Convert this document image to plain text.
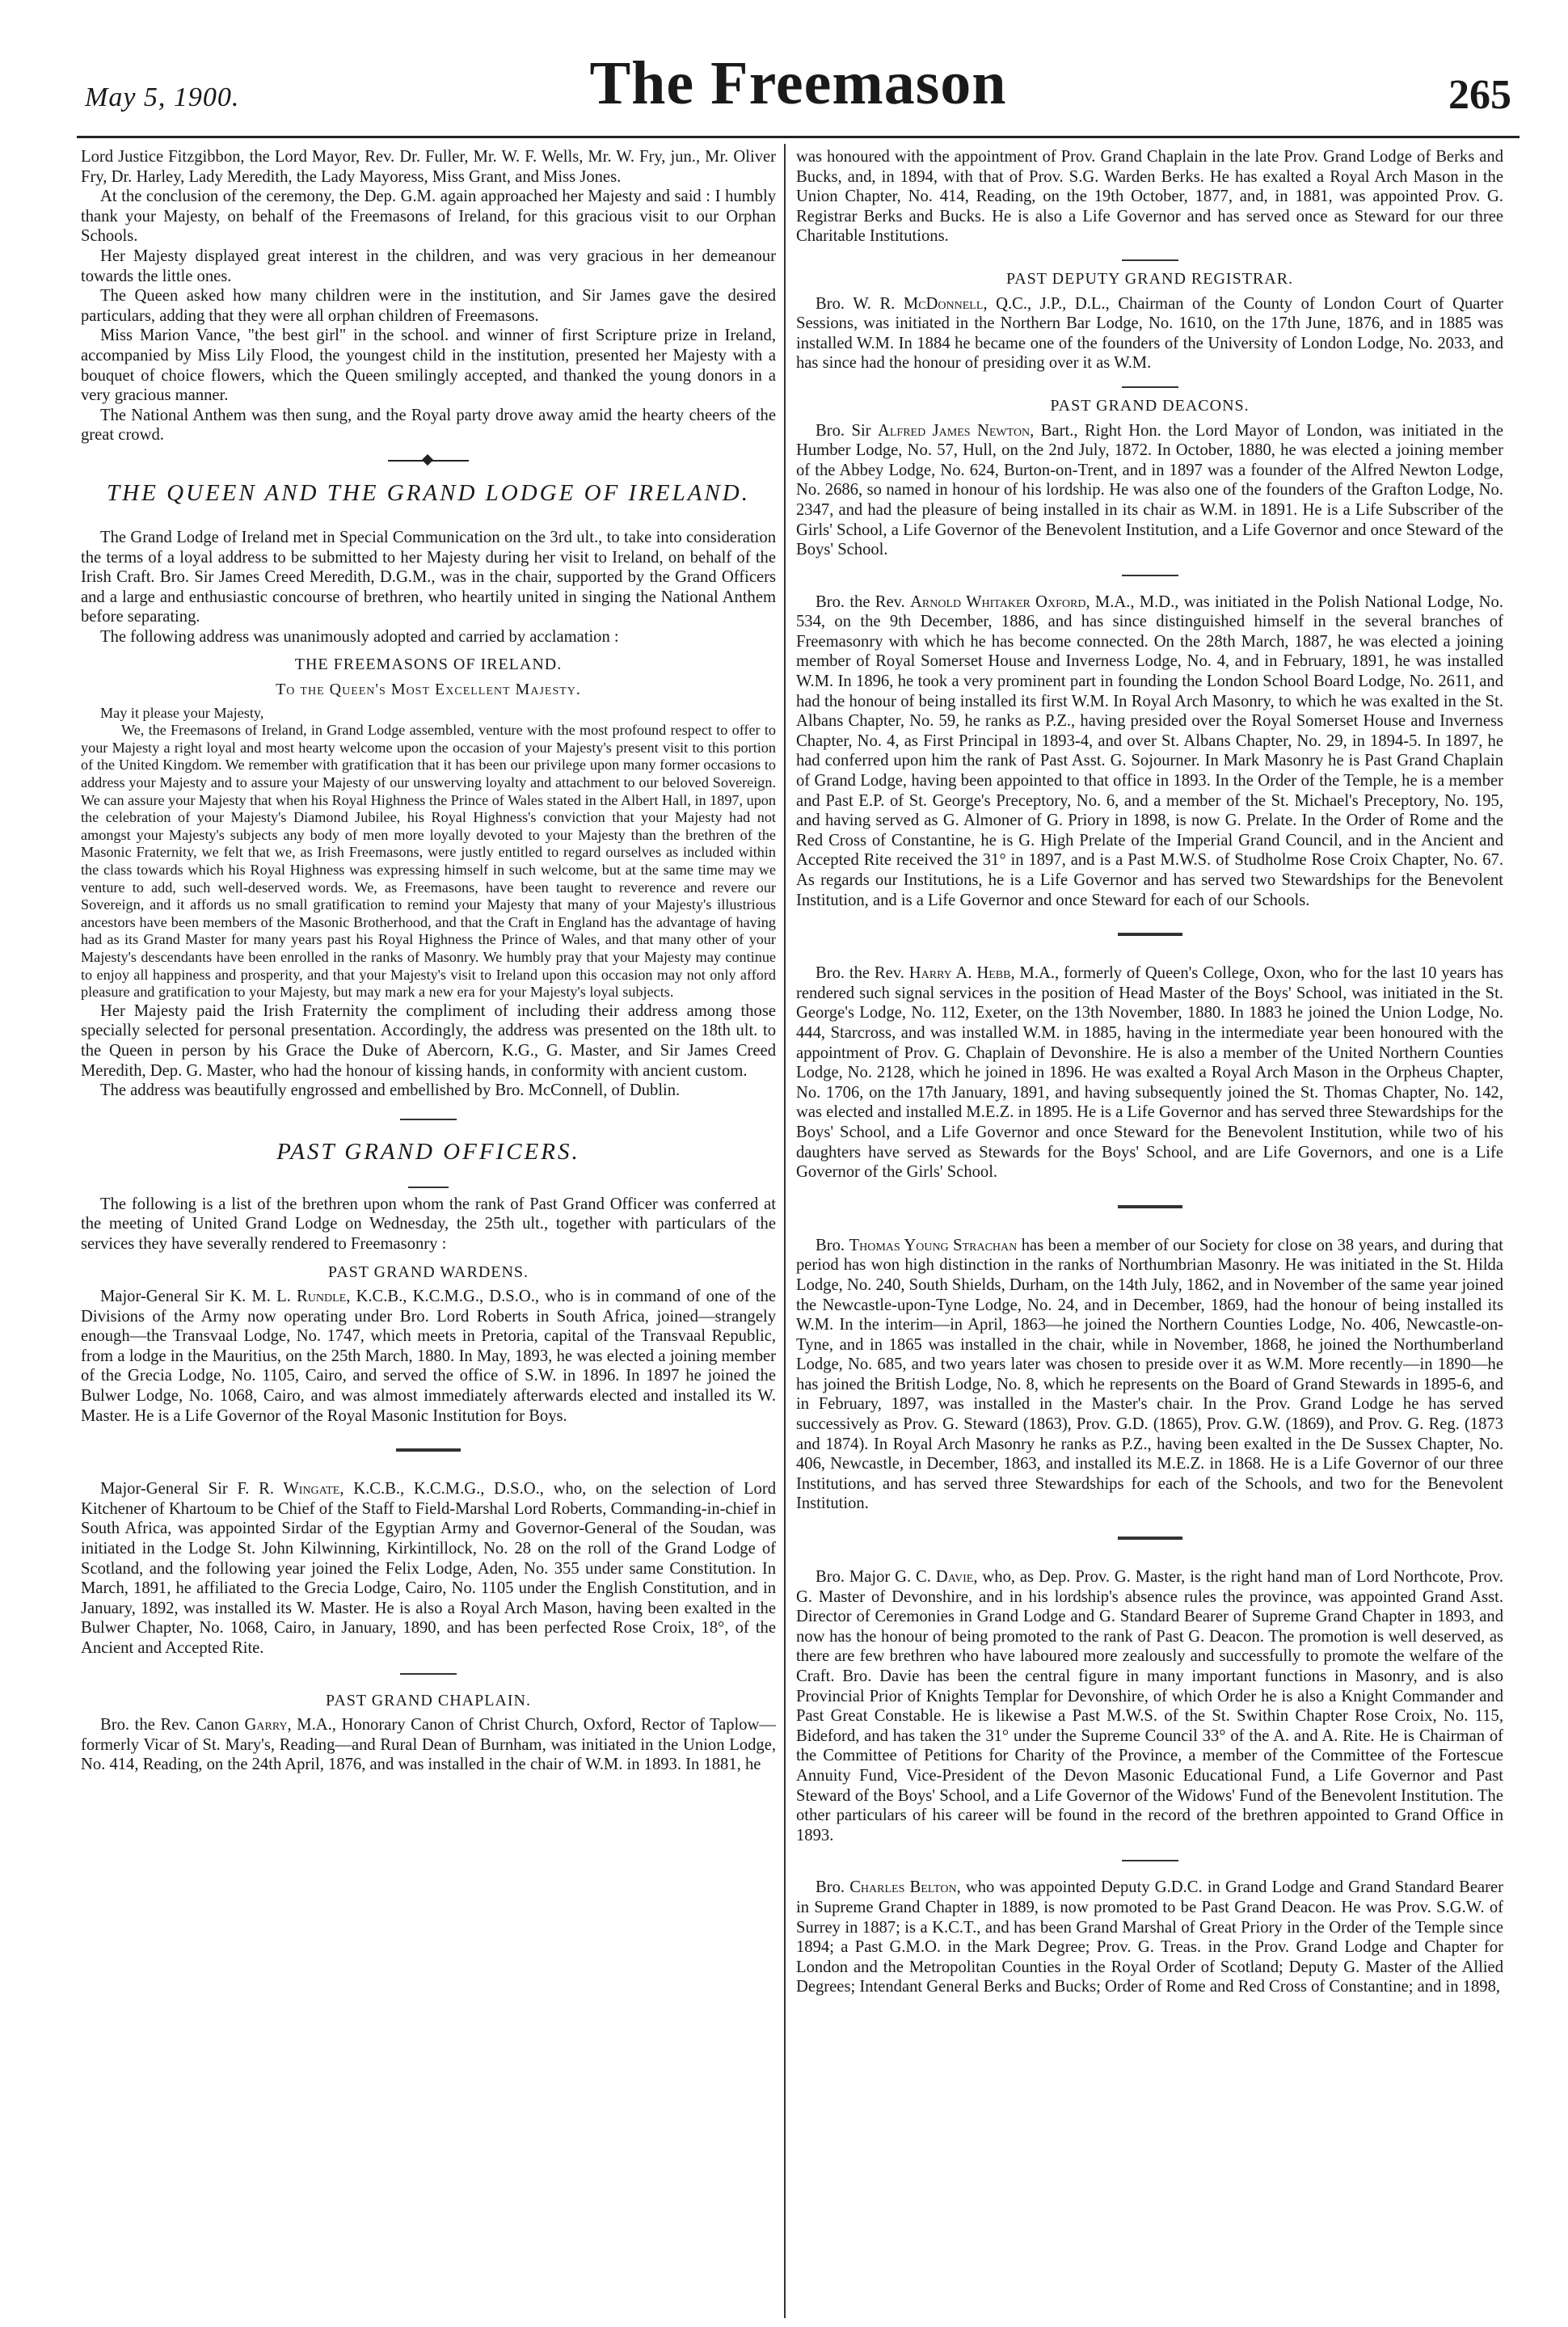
May 5, 1900.	The Freemason	265

Lord Justice Fitzgibbon, the Lord Mayor, Rev. Dr. Fuller, Mr. W. F. Wells, Mr. W. Fry, jun., Mr. Oliver Fry, Dr. Harley, Lady Meredith, the Lady Mayoress, Miss Grant, and Miss Jones.

At the conclusion of the ceremony, the Dep. G.M. again approached her Majesty and said : I humbly thank your Majesty, on behalf of the Freemasons of Ireland, for this gracious visit to our Orphan Schools.

Her Majesty displayed great interest in the children, and was very gracious in her demeanour towards the little ones.

The Queen asked how many children were in the institution, and Sir James gave the desired particulars, adding that they were all orphan children of Freemasons.

Miss Marion Vance, "the best girl" in the school. and winner of first Scripture prize in Ireland, accompanied by Miss Lily Flood, the youngest child in the institution, presented her Majesty with a bouquet of choice flowers, which the Queen smilingly accepted, and thanked the young donors in a very gracious manner.

The National Anthem was then sung, and the Royal party drove away amid the hearty cheers of the great crowd.

THE QUEEN AND THE GRAND LODGE OF IRELAND.

The Grand Lodge of Ireland met in Special Communication on the 3rd ult., to take into consideration the terms of a loyal address to be submitted to her Majesty during her visit to Ireland, on behalf of the Irish Craft. Bro. Sir James Creed Meredith, D.G.M., was in the chair, supported by the Grand Officers and a large and enthusiastic concourse of brethren, who heartily united in singing the National Anthem before separating.

The following address was unanimously adopted and carried by acclamation :

THE FREEMASONS OF IRELAND.

To the Queen's Most Excellent Majesty.

May it please your Majesty,

We, the Freemasons of Ireland, in Grand Lodge assembled, venture with the most profound respect to offer to your Majesty a right loyal and most hearty welcome upon the occasion of your Majesty's present visit to this portion of the United Kingdom. We remember with gratification that it has been our privilege upon many former occasions to address your Majesty and to assure your Majesty of our unswerving loyalty and attachment to our beloved Sovereign. We can assure your Majesty that when his Royal Highness the Prince of Wales stated in the Albert Hall, in 1897, upon the celebration of your Majesty's Diamond Jubilee, his Royal Highness's conviction that your Majesty had not amongst your Majesty's subjects any body of men more loyally devoted to your Majesty than the brethren of the Masonic Fraternity, we felt that we, as Irish Freemasons, were justly entitled to regard ourselves as included within the class towards which his Royal Highness was expressing himself in such welcome, but at the same time may we venture to add, such well-deserved words. We, as Freemasons, have been taught to reverence and revere our Sovereign, and it affords us no small gratification to remind your Majesty that many of your Majesty's illustrious ancestors have been members of the Masonic Brotherhood, and that the Craft in England has the advantage of having had as its Grand Master for many years past his Royal Highness the Prince of Wales, and that many other of your Majesty's descendants have been enrolled in the ranks of Masonry. We humbly pray that your Majesty may continue to enjoy all happiness and prosperity, and that your Majesty's visit to Ireland upon this occasion may not only afford pleasure and gratification to your Majesty, but may mark a new era for your Majesty's loyal subjects.

Her Majesty paid the Irish Fraternity the compliment of including their address among those specially selected for personal presentation. Accordingly, the address was presented on the 18th ult. to the Queen in person by his Grace the Duke of Abercorn, K.G., G. Master, and Sir James Creed Meredith, Dep. G. Master, who had the honour of kissing hands, in conformity with ancient custom.

The address was beautifully engrossed and embellished by Bro. McConnell, of Dublin.

PAST GRAND OFFICERS.

The following is a list of the brethren upon whom the rank of Past Grand Officer was conferred at the meeting of United Grand Lodge on Wednesday, the 25th ult., together with particulars of the services they have severally rendered to Freemasonry :

PAST GRAND WARDENS.

Major-General Sir K. M. L. Rundle, K.C.B., K.C.M.G., D.S.O., who is in command of one of the Divisions of the Army now operating under Bro. Lord Roberts in South Africa, joined—strangely enough—the Transvaal Lodge, No. 1747, which meets in Pretoria, capital of the Transvaal Republic, from a lodge in the Mauritius, on the 25th March, 1880. In May, 1893, he was elected a joining member of the Grecia Lodge, No. 1105, Cairo, and served the office of S.W. in 1896. In 1897 he joined the Bulwer Lodge, No. 1068, Cairo, and was almost immediately afterwards elected and installed its W. Master. He is a Life Governor of the Royal Masonic Institution for Boys.

Major-General Sir F. R. Wingate, K.C.B., K.C.M.G., D.S.O., who, on the selection of Lord Kitchener of Khartoum to be Chief of the Staff to Field-Marshal Lord Roberts, Commanding-in-chief in South Africa, was appointed Sirdar of the Egyptian Army and Governor-General of the Soudan, was initiated in the Lodge St. John Kilwinning, Kirkintillock, No. 28 on the roll of the Grand Lodge of Scotland, and the following year joined the Felix Lodge, Aden, No. 355 under same Constitution. In March, 1891, he affiliated to the Grecia Lodge, Cairo, No. 1105 under the English Constitution, and in January, 1892, was installed its W. Master. He is also a Royal Arch Mason, having been exalted in the Bulwer Chapter, No. 1068, Cairo, in January, 1890, and has been perfected Rose Croix, 18°, of the Ancient and Accepted Rite.

PAST GRAND CHAPLAIN.

Bro. the Rev. Canon Garry, M.A., Honorary Canon of Christ Church, Oxford, Rector of Taplow—formerly Vicar of St. Mary's, Reading—and Rural Dean of Burnham, was initiated in the Union Lodge, No. 414, Reading, on the 24th April, 1876, and was installed in the chair of W.M. in 1893. In 1881, he

was honoured with the appointment of Prov. Grand Chaplain in the late Prov. Grand Lodge of Berks and Bucks, and, in 1894, with that of Prov. S.G. Warden Berks. He has exalted a Royal Arch Mason in the Union Chapter, No. 414, Reading, on the 19th October, 1877, and, in 1881, was appointed Prov. G. Registrar Berks and Bucks. He is also a Life Governor and has served once as Steward for our three Charitable Institutions.

PAST DEPUTY GRAND REGISTRAR.

Bro. W. R. McDonnell, Q.C., J.P., D.L., Chairman of the County of London Court of Quarter Sessions, was initiated in the Northern Bar Lodge, No. 1610, on the 17th June, 1876, and in 1885 was installed W.M. In 1884 he became one of the founders of the University of London Lodge, No. 2033, and has since had the honour of presiding over it as W.M.

PAST GRAND DEACONS.

Bro. Sir Alfred James Newton, Bart., Right Hon. the Lord Mayor of London, was initiated in the Humber Lodge, No. 57, Hull, on the 2nd July, 1872. In October, 1880, he was elected a joining member of the Abbey Lodge, No. 624, Burton-on-Trent, and in 1897 was a founder of the Alfred Newton Lodge, No. 2686, so named in honour of his lordship. He was also one of the founders of the Grafton Lodge, No. 2347, and had the pleasure of being installed in its chair as W.M. in 1891. He is a Life Subscriber of the Girls' School, a Life Governor of the Benevolent Institution, and a Life Governor and once Steward of the Boys' School.

Bro. the Rev. Arnold Whitaker Oxford, M.A., M.D., was initiated in the Polish National Lodge, No. 534, on the 9th December, 1886, and has since distinguished himself in the several branches of Freemasonry with which he has become connected. On the 28th March, 1887, he was elected a joining member of Royal Somerset House and Inverness Lodge, No. 4, and in February, 1891, he was installed W.M. In 1896, he took a very prominent part in founding the London School Board Lodge, No. 2611, and had the honour of being installed its first W.M. In Royal Arch Masonry, to which he was exalted in the St. Albans Chapter, No. 59, he ranks as P.Z., having presided over the Royal Somerset House and Inverness Chapter, No. 4, as First Principal in 1893-4, and over St. Albans Chapter, No. 29, in 1894-5. In 1897, he had conferred upon him the rank of Past Asst. G. Sojourner. In Mark Masonry he is Past Grand Chaplain of Grand Lodge, having been appointed to that office in 1893. In the Order of the Temple, he is a member and Past E.P. of St. George's Preceptory, No. 6, and a member of the St. Michael's Preceptory, No. 195, and having served as G. Almoner of G. Priory in 1898, is now G. Prelate. In the Order of Rome and the Red Cross of Constantine, he is G. High Prelate of the Imperial Grand Council, and in the Ancient and Accepted Rite received the 31° in 1897, and is a Past M.W.S. of Studholme Rose Croix Chapter, No. 67. As regards our Institutions, he is a Life Governor and has served two Stewardships for the Benevolent Institution, and is a Life Governor and once Steward for each of our Schools.

Bro. the Rev. Harry A. Hebb, M.A., formerly of Queen's College, Oxon, who for the last 10 years has rendered such signal services in the position of Head Master of the Boys' School, was initiated in the St. George's Lodge, No. 112, Exeter, on the 13th November, 1880. In 1883 he joined the Union Lodge, No. 444, Starcross, and was installed W.M. in 1885, having in the intermediate year been honoured with the appointment of Prov. G. Chaplain of Devonshire. He is also a member of the United Northern Counties Lodge, No. 2128, which he joined in 1896. He was exalted a Royal Arch Mason in the Orpheus Chapter, No. 1706, on the 17th January, 1891, and having subsequently joined the St. Thomas Chapter, No. 142, was elected and installed M.E.Z. in 1895. He is a Life Governor and has served three Stewardships for the Boys' School, and a Life Governor and once Steward for the Benevolent Institution, while two of his daughters have served as Stewards for the Boys' School, and are Life Governors, and one is a Life Governor of the Girls' School.

Bro. Thomas Young Strachan has been a member of our Society for close on 38 years, and during that period has won high distinction in the ranks of Northumbrian Masonry. He was initiated in the St. Hilda Lodge, No. 240, South Shields, Durham, on the 14th July, 1862, and in November of the same year joined the Newcastle-upon-Tyne Lodge, No. 24, and in December, 1869, had the honour of being installed its W.M. In the interim—in April, 1863—he joined the Northern Counties Lodge, No. 406, Newcastle-on-Tyne, and in 1865 was installed in the chair, while in November, 1868, he joined the Northumberland Lodge, No. 685, and two years later was chosen to preside over it as W.M. More recently—in 1890—he has joined the British Lodge, No. 8, which he represents on the Board of Grand Stewards in 1895-6, and in February, 1897, was installed in the Master's chair. In the Prov. Grand Lodge he has served successively as Prov. G. Steward (1863), Prov. G.D. (1865), Prov. G.W. (1869), and Prov. G. Reg. (1873 and 1874). In Royal Arch Masonry he ranks as P.Z., having been exalted in the De Sussex Chapter, No. 406, Newcastle, in December, 1863, and installed its M.E.Z. in 1868. He is a Life Governor of our three Institutions, and has served three Stewardships for each of the Schools, and two for the Benevolent Institution.

Bro. Major G. C. Davie, who, as Dep. Prov. G. Master, is the right hand man of Lord Northcote, Prov. G. Master of Devonshire, and in his lordship's absence rules the province, was appointed Grand Asst. Director of Ceremonies in Grand Lodge and G. Standard Bearer of Supreme Grand Chapter in 1893, and now has the honour of being promoted to the rank of Past G. Deacon. The promotion is well deserved, as there are few brethren who have laboured more zealously and successfully to promote the welfare of the Craft. Bro. Davie has been the central figure in many important functions in Masonry, and is also Provincial Prior of Knights Templar for Devonshire, of which Order he is also a Knight Commander and Past Great Constable. He is likewise a Past M.W.S. of the St. Swithin Chapter Rose Croix, No. 115, Bideford, and has taken the 31° under the Supreme Council 33° of the A. and A. Rite. He is Chairman of the Committee of Petitions for Charity of the Province, a member of the Committee of the Fortescue Annuity Fund, Vice-President of the Devon Masonic Educational Fund, a Life Governor and Past Steward of the Boys' School, and a Life Governor of the Widows' Fund of the Benevolent Institution. The other particulars of his career will be found in the record of the brethren appointed to Grand Office in 1893.

Bro. Charles Belton, who was appointed Deputy G.D.C. in Grand Lodge and Grand Standard Bearer in Supreme Grand Chapter in 1889, is now promoted to be Past Grand Deacon. He was Prov. S.G.W. of Surrey in 1887; is a K.C.T., and has been Grand Marshal of Great Priory in the Order of the Temple since 1894; a Past G.M.O. in the Mark Degree; Prov. G. Treas. in the Prov. Grand Lodge and Chapter for London and the Metropolitan Counties in the Royal Order of Scotland; Deputy G. Master of the Allied Degrees; Intendant General Berks and Bucks; Order of Rome and Red Cross of Constantine; and in 1898,
